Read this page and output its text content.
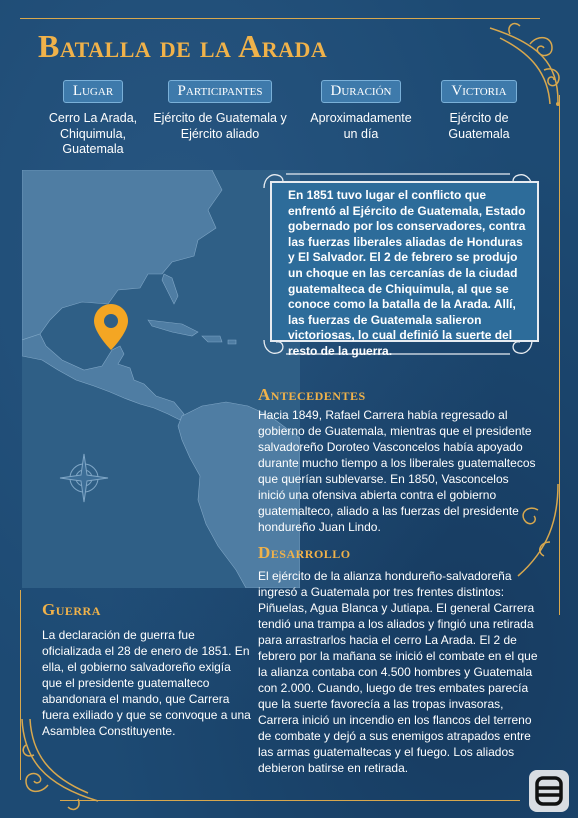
Batalla de la Arada
Lugar
Cerro La Arada, Chiquimula, Guatemala
Participantes
Ejército de Guatemala y Ejército aliado
Duración
Aproximadamente un día
Victoria
Ejército de Guatemala
En 1851 tuvo lugar el conflicto que enfrentó al Ejército de Guatemala, Estado gobernado por los conservadores, contra las fuerzas liberales aliadas de Honduras y El Salvador. El 2 de febrero se produjo un choque en las cercanías de la ciudad guatemalteca de Chiquimula, al que se conoce como la batalla de la Arada. Allí, las fuerzas de Guatemala salieron victoriosas, lo cual definió la suerte del resto de la guerra.
Antecedentes
Hacia 1849, Rafael Carrera había regresado al gobierno de Guatemala, mientras que el presidente salvadoreño Doroteo Vasconcelos había apoyado durante mucho tiempo a los liberales guatemaltecos que querían sublevarse. En 1850, Vasconcelos inició una ofensiva abierta contra el gobierno guatemalteco, aliado a las fuerzas del presidente hondureño Juan Lindo.
Desarrollo
El ejército de la alianza hondureño-salvadoreña ingresó a Guatemala por tres frentes distintos: Piñuelas, Agua Blanca y Jutiapa. El general Carrera tendió una trampa a los aliados y fingió una retirada para arrastrarlos hacia el cerro La Arada. El 2 de febrero por la mañana se inició el combate en el que la alianza contaba con 4.500 hombres y Guatemala con 2.000. Cuando, luego de tres embates parecía que la suerte favorecía a las tropas invasoras, Carrera inició un incendio en los flancos del terreno de combate y dejó a sus enemigos atrapados entre las armas guatemaltecas y el fuego. Los aliados debieron batirse en retirada.
Guerra
La declaración de guerra fue oficializada el 28 de enero de 1851. En ella, el gobierno salvadoreño exigía que el presidente guatemalteco abandonara el mando, que Carrera fuera exiliado y que se convoque a una Asamblea Constituyente.
